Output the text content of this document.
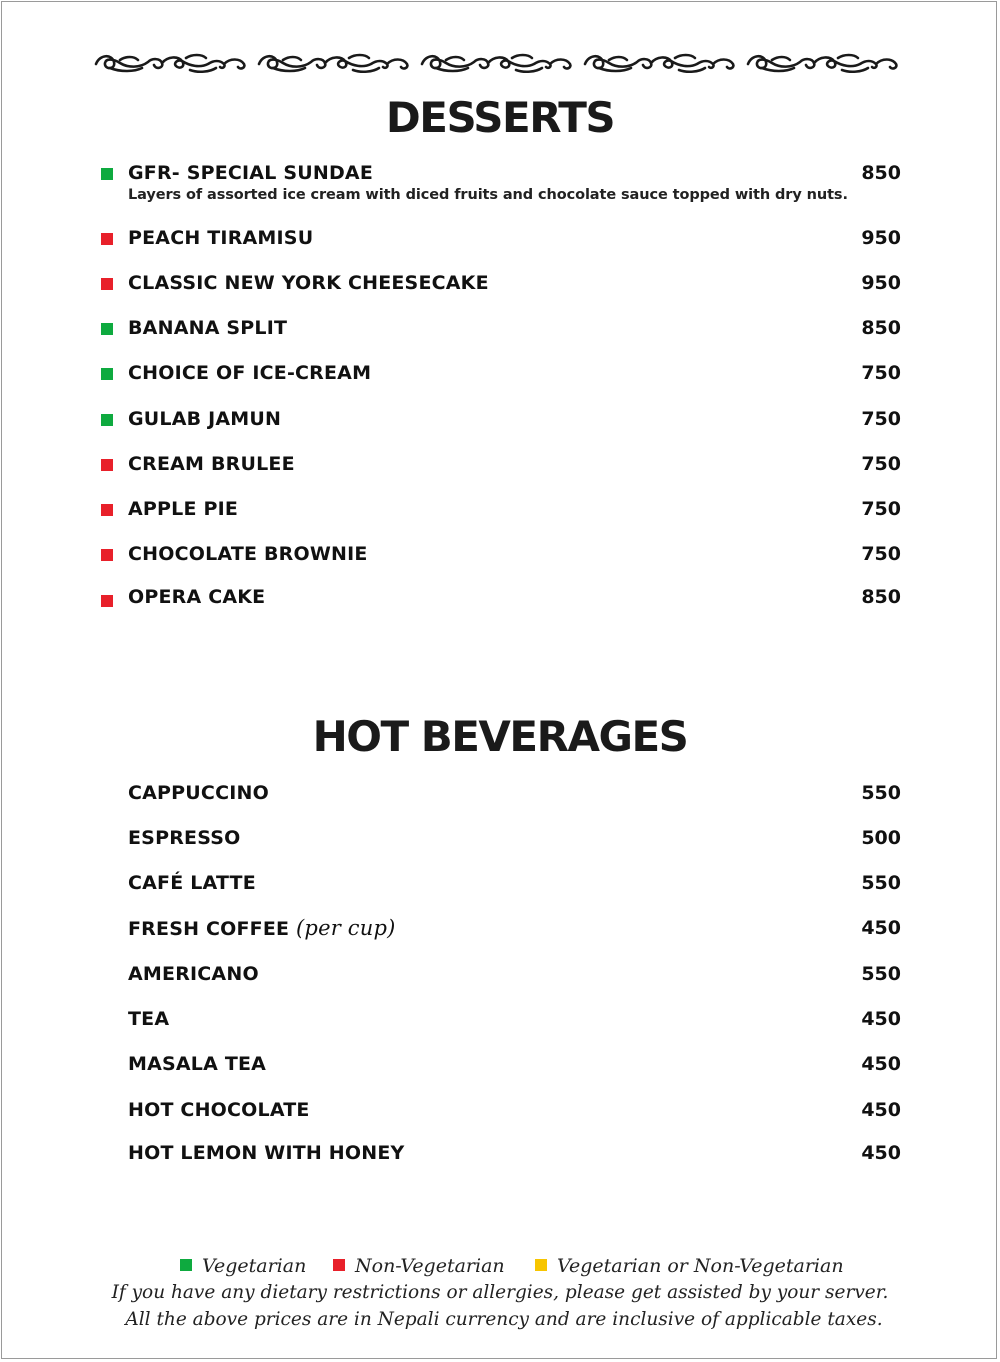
DESSERTS
GFR- SPECIAL SUNDAE	850
Layers of assorted ice cream with diced fruits and chocolate sauce topped with dry nuts.
PEACH TIRAMISU	950
CLASSIC NEW YORK CHEESECAKE	950
BANANA SPLIT	850
CHOICE OF ICE-CREAM	750
GULAB JAMUN	750
CREAM BRULEE	750
APPLE PIE	750
CHOCOLATE BROWNIE	750
OPERA CAKE	850
HOT BEVERAGES
CAPPUCCINO	550
ESPRESSO	500
CAFÉ LATTE	550
FRESH COFFEE (per cup)	450
AMERICANO	550
TEA	450
MASALA TEA	450
HOT CHOCOLATE	450
HOT LEMON WITH HONEY	450
Vegetarian	Non-Vegetarian	Vegetarian or Non-Vegetarian
If you have any dietary restrictions or allergies, please get assisted by your server.
All the above prices are in Nepali currency and are inclusive of applicable taxes.
